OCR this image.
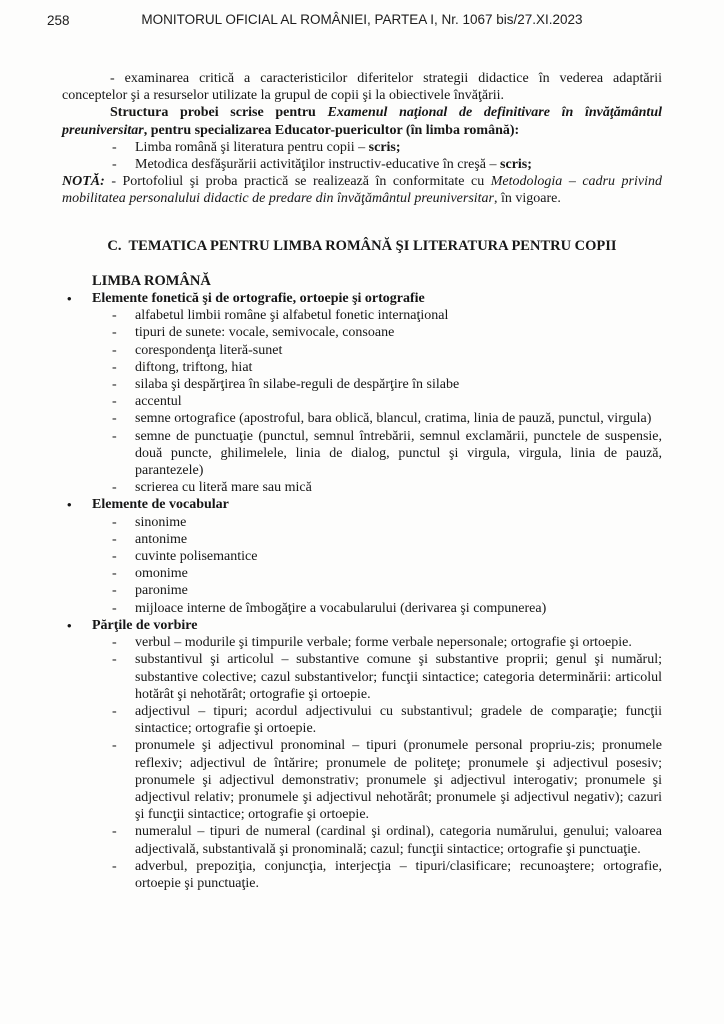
258	MONITORUL OFICIAL AL ROMÂNIEI, PARTEA I, Nr. 1067 bis/27.XI.2023

- examinarea critică a caracteristicilor diferitelor strategii didactice în vederea adaptării conceptelor şi a resurselor utilizate la grupul de copii şi la obiectivele învăţării.

Structura probei scrise pentru Examenul naţional de definitivare în învăţământul preuniversitar, pentru specializarea Educator-puericultor (în limba română):

- Limba română şi literatura pentru copii – scris;
- Metodica desfăşurării activităţilor instructiv-educative în creşă – scris;

NOTĂ: - Portofoliul şi proba practică se realizează în conformitate cu Metodologia – cadru privind mobilitatea personalului didactic de predare din învăţământul preuniversitar, în vigoare.

C.  TEMATICA PENTRU LIMBA ROMÂNĂ ŞI LITERATURA PENTRU COPII
LIMBA ROMÂNĂ
• Elemente fonetică şi de ortografie, ortoepie şi ortografie
- alfabetul limbii române şi alfabetul fonetic internaţional
- tipuri de sunete: vocale, semivocale, consoane
- corespondenţa literă-sunet
- diftong, triftong, hiat
- silaba şi despărţirea în silabe-reguli de despărţire în silabe
- accentul
- semne ortografice (apostroful, bara oblică, blancul, cratima, linia de pauză, punctul, virgula)
- semne de punctuaţie (punctul, semnul întrebării, semnul exclamării, punctele de suspensie, două puncte, ghilimelele, linia de dialog, punctul şi virgula, virgula, linia de pauză, parantezele)
- scrierea cu literă mare sau mică
• Elemente de vocabular
- sinonime
- antonime
- cuvinte polisemantice
- omonime
- paronime
- mijloace interne de îmbogăţire a vocabularului (derivarea şi compunerea)
• Părţile de vorbire
- verbul – modurile şi timpurile verbale; forme verbale nepersonale; ortografie şi ortoepie.
- substantivul şi articolul – substantive comune şi substantive proprii; genul şi numărul; substantive colective; cazul substantivelor; funcţii sintactice; categoria determinării: articolul hotărât şi nehotărât; ortografie şi ortoepie.
- adjectivul – tipuri; acordul adjectivului cu substantivul; gradele de comparaţie; funcţii sintactice; ortografie şi ortoepie.
- pronumele şi adjectivul pronominal – tipuri (pronumele personal propriu-zis; pronumele reflexiv; adjectivul de întărire; pronumele de politeţe; pronumele şi adjectivul posesiv; pronumele şi adjectivul demonstrativ; pronumele şi adjectivul interogativ; pronumele şi adjectivul relativ; pronumele şi adjectivul nehotărât; pronumele şi adjectivul negativ); cazuri şi funcţii sintactice; ortografie şi ortoepie.
- numeralul – tipuri de numeral (cardinal şi ordinal), categoria numărului, genului; valoarea adjectivală, substantivală şi pronominală; cazul; funcţii sintactice; ortografie şi punctuaţie.
- adverbul, prepoziţia, conjuncţia, interjecţia – tipuri/clasificare; recunoaştere; ortografie, ortoepie şi punctuaţie.
